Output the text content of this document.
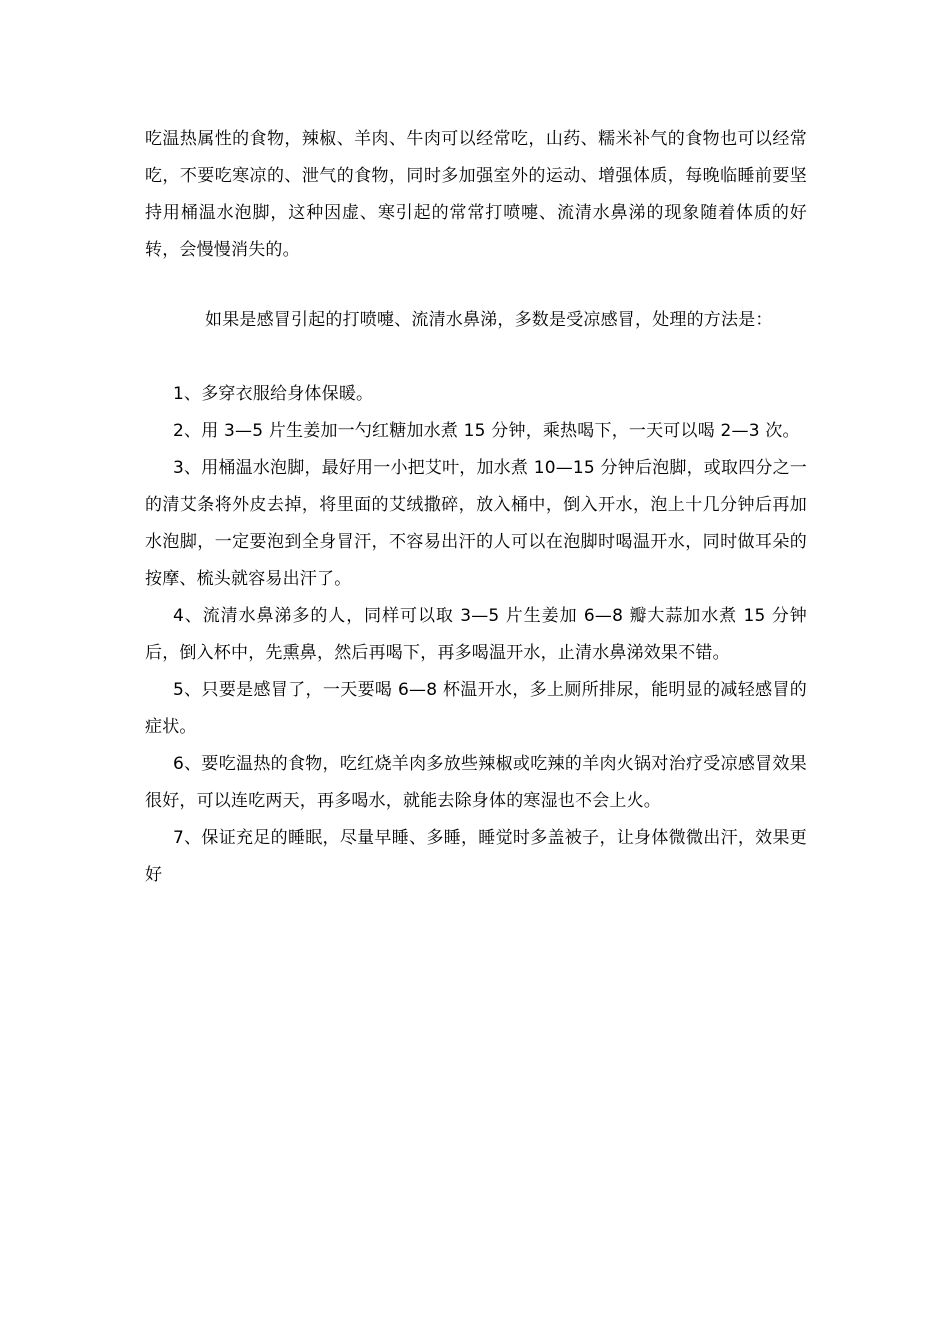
吃温热属性的食物，辣椒、羊肉、牛肉可以经常吃，山药、糯米补气的食物也可以经常吃，不要吃寒凉的、泄气的食物，同时多加强室外的运动、增强体质，每晚临睡前要坚持用桶温水泡脚，这种因虚、寒引起的常常打喷嚏、流清水鼻涕的现象随着体质的好转，会慢慢消失的。
如果是感冒引起的打喷嚏、流清水鼻涕，多数是受凉感冒，处理的方法是：
1、多穿衣服给身体保暖。
2、用 3—5 片生姜加一勺红糖加水煮 15 分钟，乘热喝下，一天可以喝 2—3 次。
3、用桶温水泡脚，最好用一小把艾叶，加水煮 10—15 分钟后泡脚，或取四分之一的清艾条将外皮去掉，将里面的艾绒撒碎，放入桶中，倒入开水，泡上十几分钟后再加水泡脚，一定要泡到全身冒汗，不容易出汗的人可以在泡脚时喝温开水，同时做耳朵的按摩、梳头就容易出汗了。
4、流清水鼻涕多的人，同样可以取 3—5 片生姜加 6—8 瓣大蒜加水煮 15 分钟后，倒入杯中，先熏鼻，然后再喝下，再多喝温开水，止清水鼻涕效果不错。
5、只要是感冒了，一天要喝 6—8 杯温开水，多上厕所排尿，能明显的减轻感冒的症状。
6、要吃温热的食物，吃红烧羊肉多放些辣椒或吃辣的羊肉火锅对治疗受凉感冒效果很好，可以连吃两天，再多喝水，就能去除身体的寒湿也不会上火。
7、保证充足的睡眠，尽量早睡、多睡，睡觉时多盖被子，让身体微微出汗，效果更好
